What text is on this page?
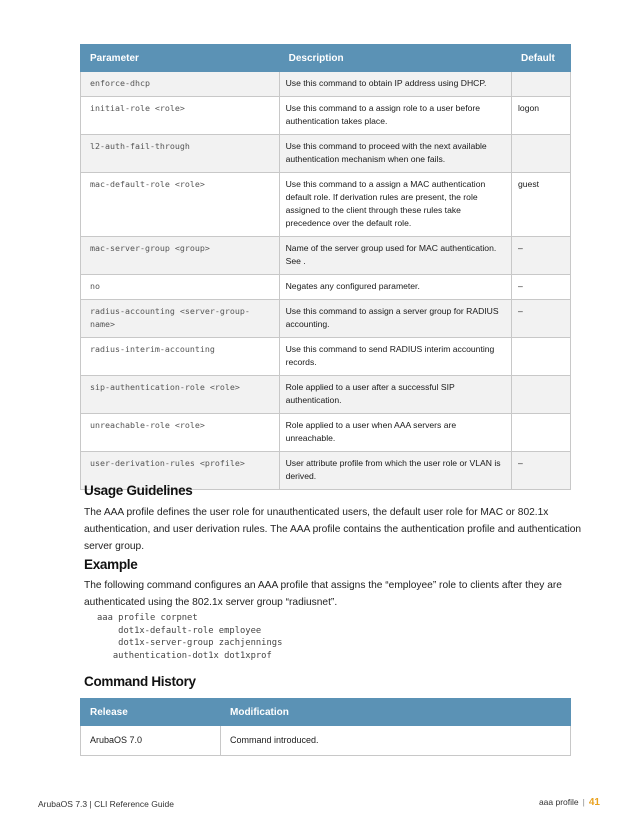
Parameter	Description	Default
enforce-dhcp	Use this command to obtain IP address using DHCP.	
initial-role <role>	Use this command to a assign role to a user before authentication takes place.	logon
l2-auth-fail-through	Use this command to proceed with the next available authentication mechanism when one fails.	
mac-default-role <role>	Use this command to a assign a MAC authentication default role. If derivation rules are present, the role assigned to the client through these rules take precedence over the default role.	guest
mac-server-group <group>	Name of the server group used for MAC authentication. See .	–
no	Negates any configured parameter.	–
radius-accounting <server-group-name>	Use this command to assign a server group for RADIUS accounting.	–
radius-interim-accounting	Use this command to send RADIUS interim accounting records.	
sip-authentication-role <role>	Role applied to a user after a successful SIP authentication.	
unreachable-role <role>	Role applied to a user when AAA servers are unreachable.	
user-derivation-rules <profile>	User attribute profile from which the user role or VLAN is derived.	–
Usage Guidelines

The AAA profile defines the user role for unauthenticated users, the default user role for MAC or 802.1x authentication, and user derivation rules. The AAA profile contains the authentication profile and authentication server group.

Example

The following command configures an AAA profile that assigns the “employee” role to clients after they are authenticated using the 802.1x server group “radiusnet”.

aaa profile corpnet
dot1x-default-role employee
dot1x-server-group zachjennings
authentication-dot1x dot1xprof
Command History
Release	Modification
ArubaOS 7.0	Command introduced.
ArubaOS 7.3 | CLI Reference Guide	aaa profile | 41
